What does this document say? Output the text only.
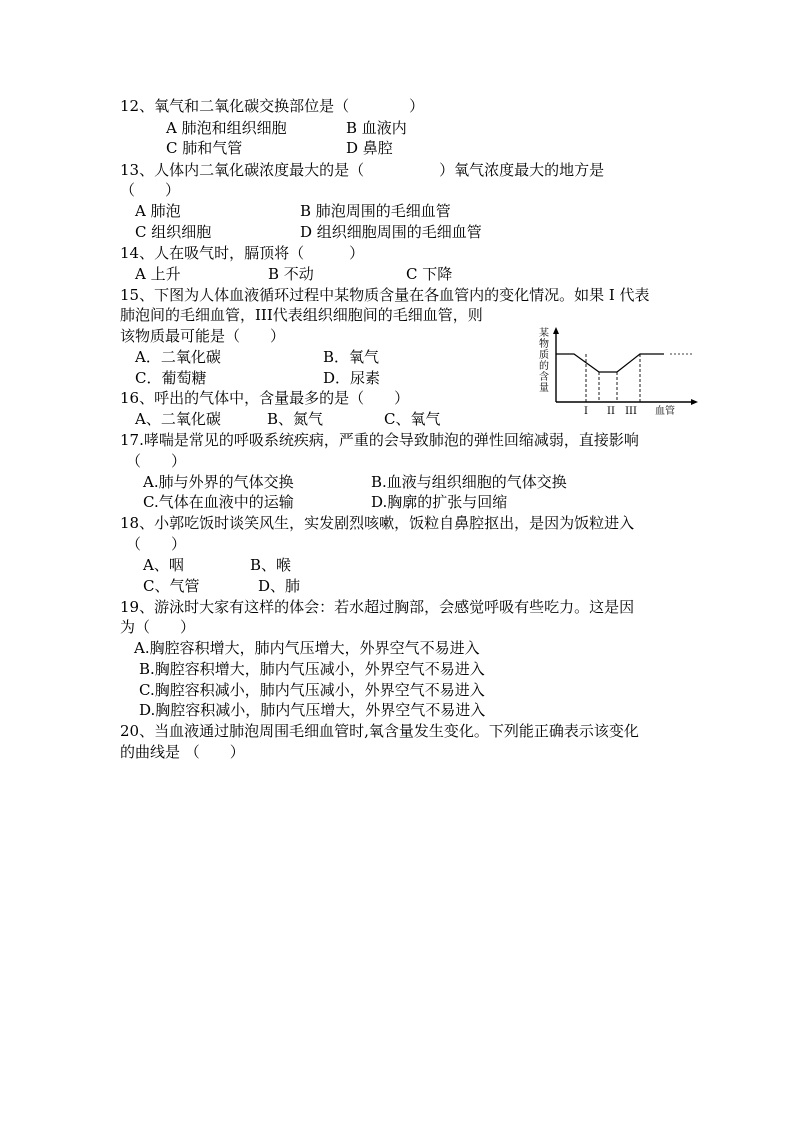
12、氧气和二氧化碳交换部位是（　　　　）
A 肺泡和组织细胞	B 血液内
C 肺和气管	D 鼻腔
13、人体内二氧化碳浓度最大的是（　　　　　）氧气浓度最大的地方是
（　　）
A 肺泡	B 肺泡周围的毛细血管
C 组织细胞	D 组织细胞周围的毛细血管
14、人在吸气时，膈顶将（　　　）
A 上升	B 不动	C 下降
15、下图为人体血液循环过程中某物质含量在各血管内的变化情况。如果 I 代表
肺泡间的毛细血管，III代表组织细胞间的毛细血管，则
该物质最可能是（　　）
A．二氧化碳	B．氧气
C．葡萄糖	D．尿素
某
物
质
的
含
量
I II III 血管
16、呼出的气体中，含量最多的是（　　）
A、二氧化碳	B、氮气	C、氧气
17.哮喘是常见的呼吸系统疾病，严重的会导致肺泡的弹性回缩减弱，直接影响
（　　）
A.肺与外界的气体交换	B.血液与组织细胞的气体交换
C.气体在血液中的运输	D.胸廓的扩张与回缩
18、小郭吃饭时谈笑风生，实发剧烈咳嗽，饭粒自鼻腔抠出，是因为饭粒进入
（　　）
A、咽	B、喉
C、气管	D、肺
19、游泳时大家有这样的体会：若水超过胸部，会感觉呼吸有些吃力。这是因
为（　　）
A.胸腔容积增大，肺内气压增大，外界空气不易进入
B.胸腔容积增大，肺内气压减小，外界空气不易进入
C.胸腔容积减小，肺内气压减小，外界空气不易进入
D.胸腔容积减小，肺内气压增大，外界空气不易进入
20、当血液通过肺泡周围毛细血管时,氧含量发生变化。下列能正确表示该变化
的曲线是 （　　）
